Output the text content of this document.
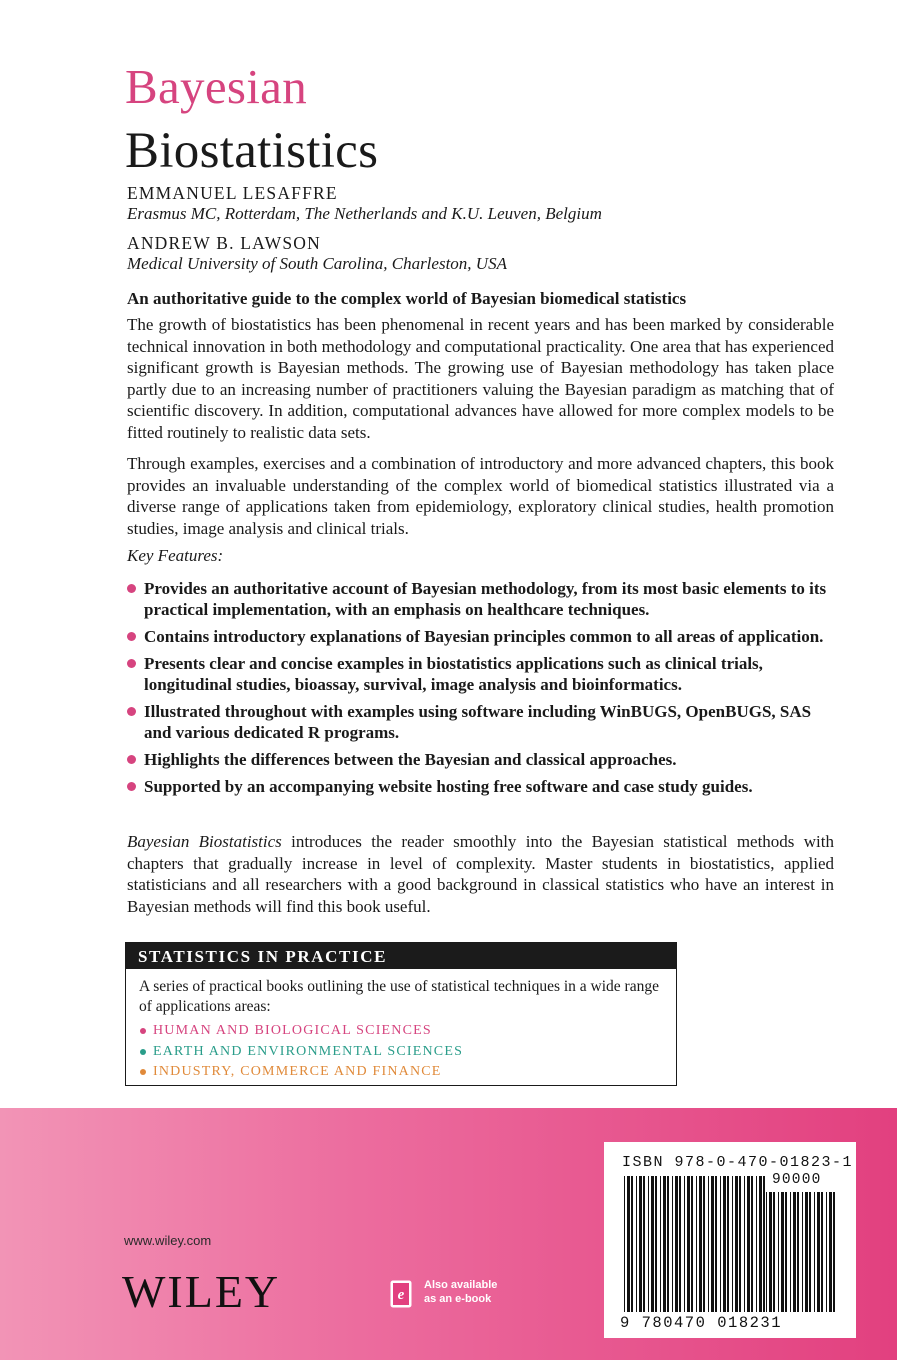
Bayesian
Biostatistics
EMMANUEL LESAFFRE
Erasmus MC, Rotterdam, The Netherlands and K.U. Leuven, Belgium
ANDREW B. LAWSON
Medical University of South Carolina, Charleston, USA
An authoritative guide to the complex world of Bayesian biomedical statistics
The growth of biostatistics has been phenomenal in recent years and has been marked by considerable technical innovation in both methodology and computational practicality. One area that has experienced significant growth is Bayesian methods. The growing use of Bayesian methodology has taken place partly due to an increasing number of practitioners valuing the Bayesian paradigm as matching that of scientific discovery. In addition, computational advances have allowed for more complex models to be fitted routinely to realistic data sets.
Through examples, exercises and a combination of introductory and more advanced chapters, this book provides an invaluable understanding of the complex world of biomedical statistics illustrated via a diverse range of applications taken from epidemiology, exploratory clinical studies, health promotion studies, image analysis and clinical trials.
Key Features:
Provides an authoritative account of Bayesian methodology, from its most basic elements to its practical implementation, with an emphasis on healthcare techniques.
Contains introductory explanations of Bayesian principles common to all areas of application.
Presents clear and concise examples in biostatistics applications such as clinical trials, longitudinal studies, bioassay, survival, image analysis and bioinformatics.
Illustrated throughout with examples using software including WinBUGS, OpenBUGS, SAS and various dedicated R programs.
Highlights the differences between the Bayesian and classical approaches.
Supported by an accompanying website hosting free software and case study guides.
Bayesian Biostatistics introduces the reader smoothly into the Bayesian statistical methods with chapters that gradually increase in level of complexity. Master students in biostatistics, applied statisticians and all researchers with a good background in classical statistics who have an interest in Bayesian methods will find this book useful.
STATISTICS IN PRACTICE
A series of practical books outlining the use of statistical techniques in a wide range of applications areas:
HUMAN AND BIOLOGICAL SCIENCES
EARTH AND ENVIRONMENTAL SCIENCES
INDUSTRY, COMMERCE AND FINANCE
www.wiley.com
WILEY	e
Also available
as an e-book
ISBN 978-0-470-01823-1
90000
9 780470 018231
